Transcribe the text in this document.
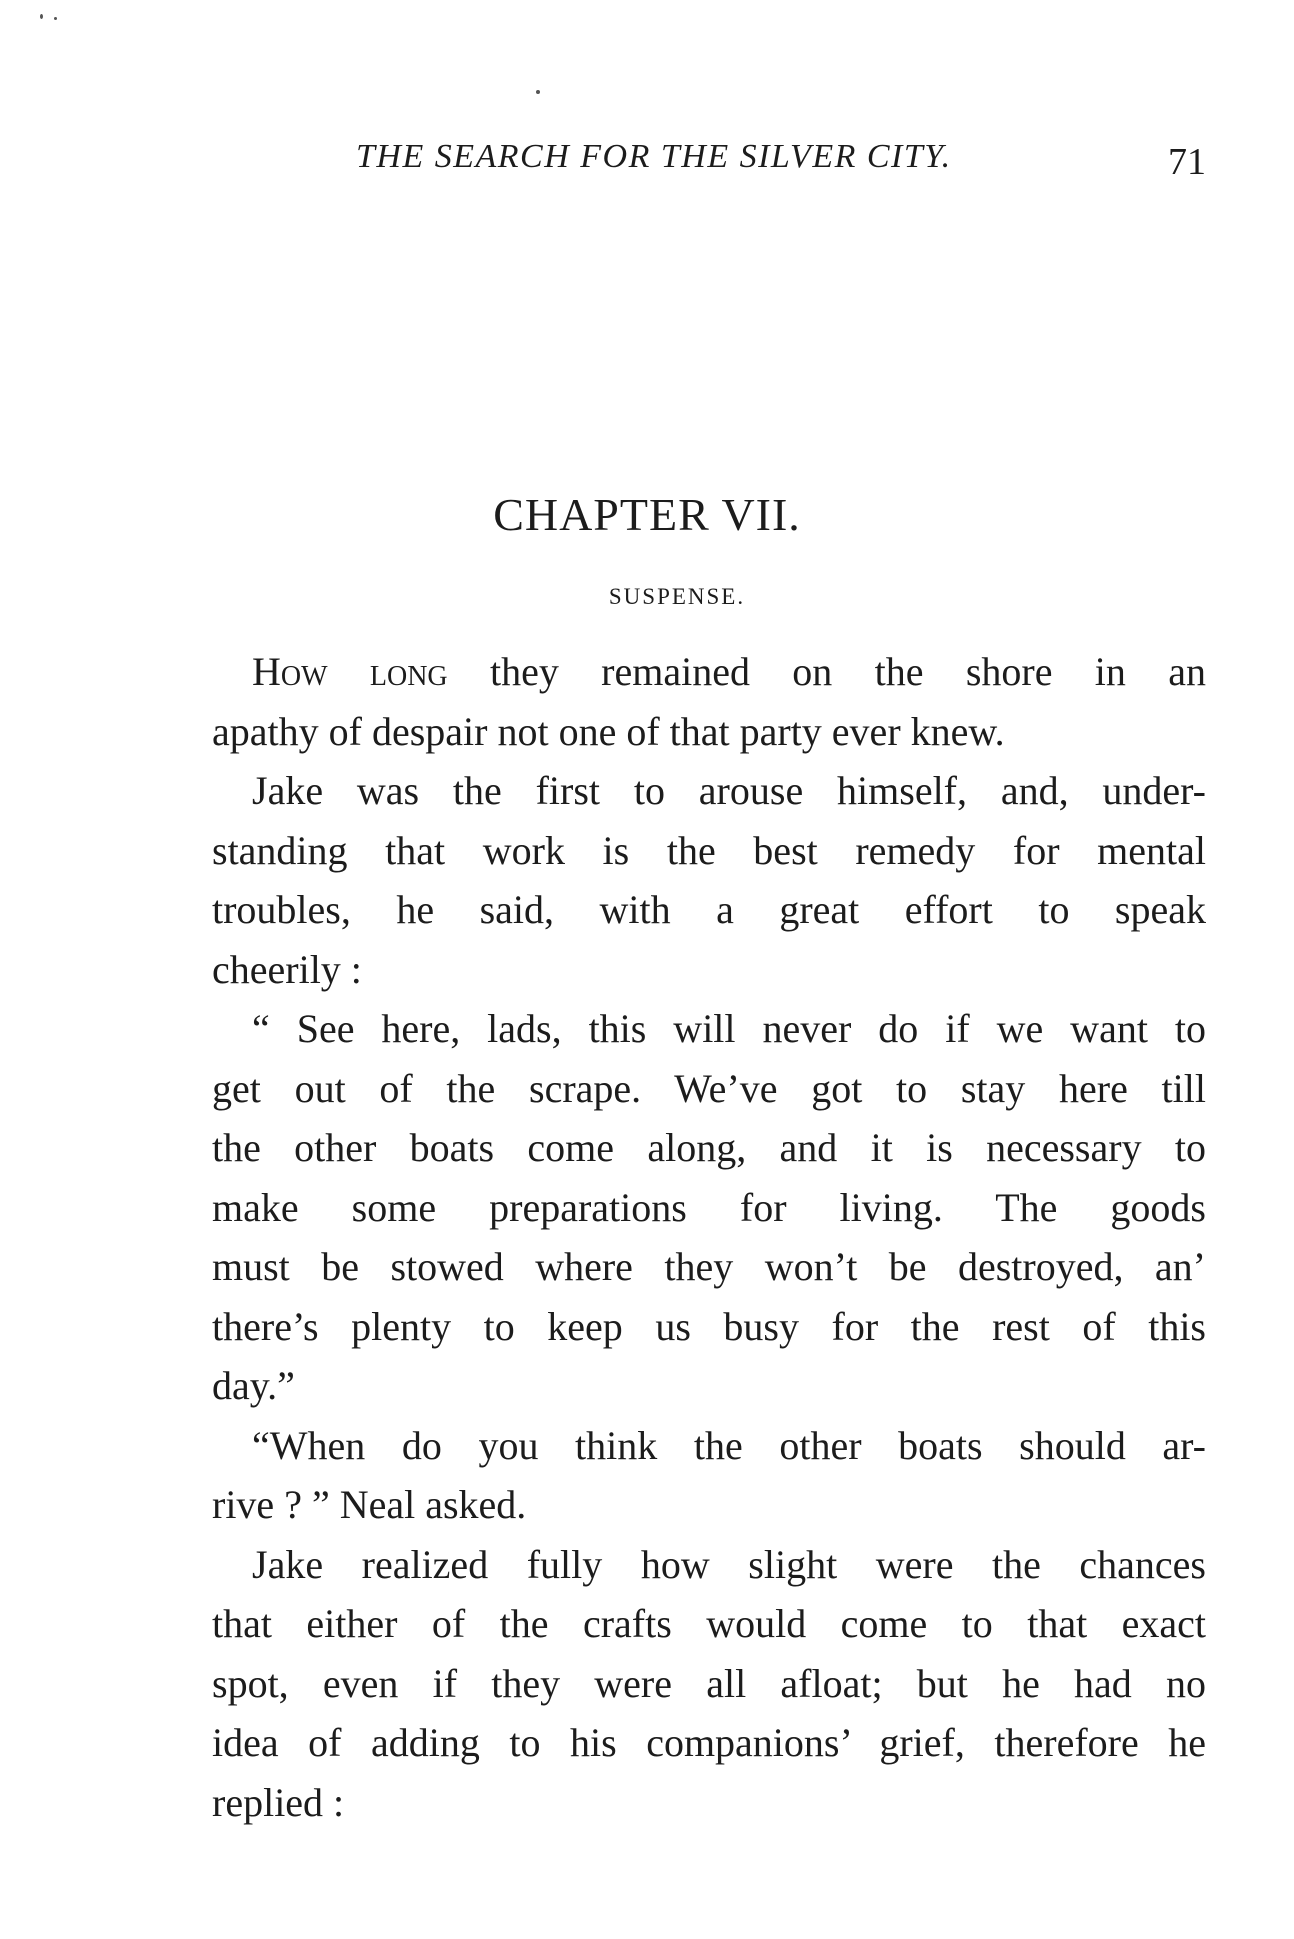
THE SEARCH FOR THE SILVER CITY.	71
CHAPTER VII.
SUSPENSE.
How long they remained on the shore in an
apathy of despair not one of that party ever knew.
Jake was the first to arouse himself, and, under-
standing that work is the best remedy for mental
troubles, he said, with a great effort to speak
cheerily :
“ See here, lads, this will never do if we want to
get out of the scrape. We’ve got to stay here till
the other boats come along, and it is necessary to
make some preparations for living. The goods
must be stowed where they won’t be destroyed, an’
there’s plenty to keep us busy for the rest of this
day.”
“When do you think the other boats should ar-
rive ? ” Neal asked.
Jake realized fully how slight were the chances
that either of the crafts would come to that exact
spot, even if they were all afloat; but he had no
idea of adding to his companions’ grief, therefore he
replied :
